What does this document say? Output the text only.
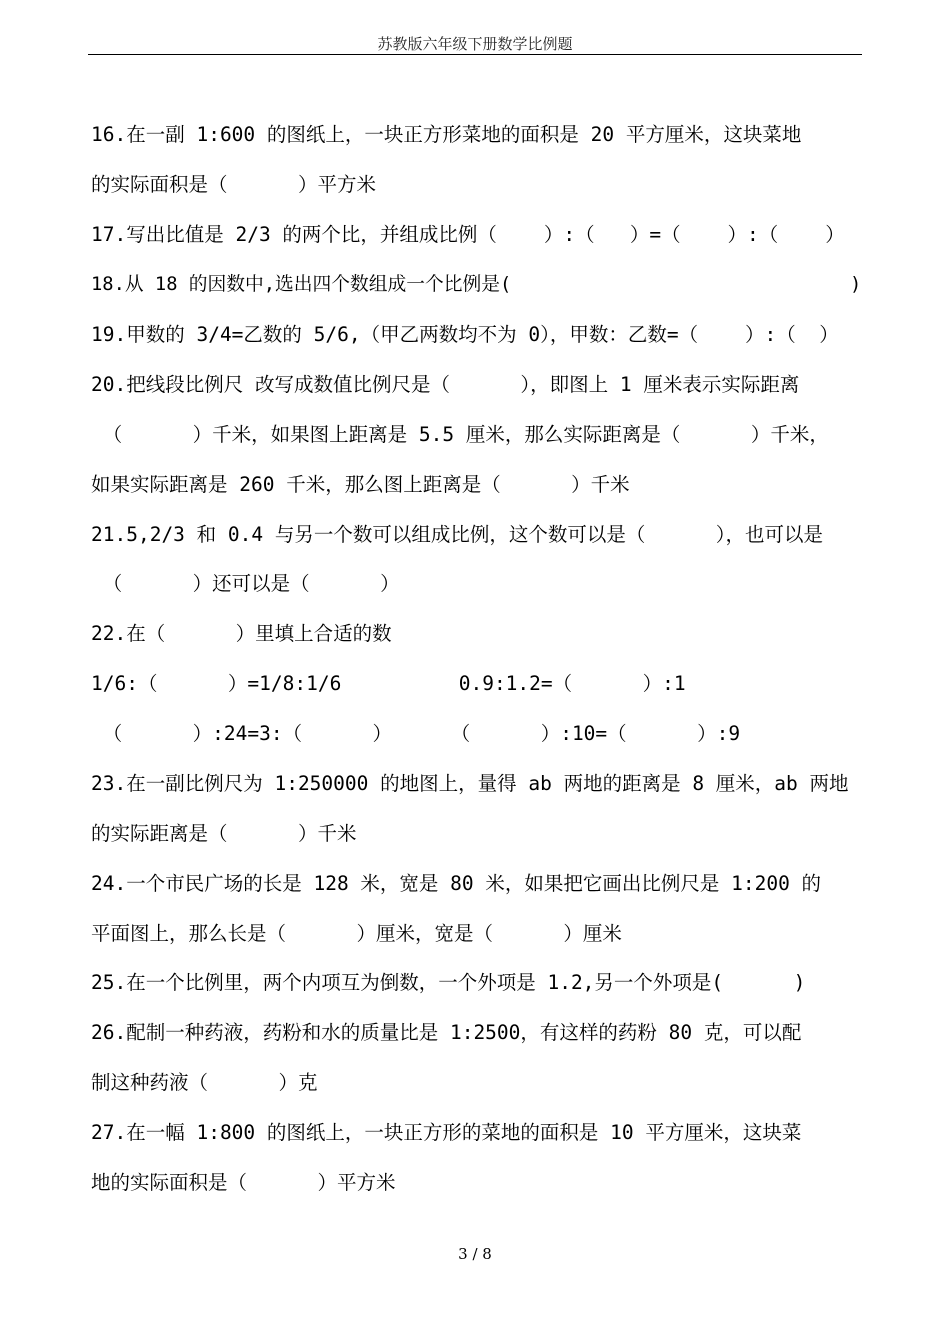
苏教版六年级下册数学比例题
16.在一副 1:600 的图纸上，一块正方形菜地的面积是 20 平方厘米，这块菜地
的实际面积是（      ）平方米
17.写出比值是 2/3 的两个比，并组成比例（    ）:（   ）=（    ）:（    ）
18.从 18 的因数中,选出四个数组成一个比例是(                              )
19.甲数的 3/4=乙数的 5/6,（甲乙两数均不为 0），甲数：乙数=（    ）:（  ）
20.把线段比例尺 改写成数值比例尺是（      ），即图上 1 厘米表示实际距离
（      ）千米，如果图上距离是 5.5 厘米，那么实际距离是（      ）千米，
如果实际距离是 260 千米，那么图上距离是（      ）千米
21.5,2/3 和 0.4 与另一个数可以组成比例，这个数可以是（      ），也可以是
（      ）还可以是（      ）
22.在（      ）里填上合适的数
1/6:（      ）=1/8:1/6          0.9:1.2=（      ）:1
（      ）:24=3:（      ）     （      ）:10=（      ）:9
23.在一副比例尺为 1:250000 的地图上，量得 ab 两地的距离是 8 厘米，ab 两地
的实际距离是（      ）千米
24.一个市民广场的长是 128 米，宽是 80 米，如果把它画出比例尺是 1:200 的
平面图上，那么长是（      ）厘米，宽是（      ）厘米
25.在一个比例里，两个内项互为倒数，一个外项是 1.2,另一个外项是(      )
26.配制一种药液，药粉和水的质量比是 1:2500，有这样的药粉 80 克，可以配
制这种药液（      ）克
27.在一幅 1:800 的图纸上，一块正方形的菜地的面积是 10 平方厘米，这块菜
地的实际面积是（      ）平方米
3 / 8
